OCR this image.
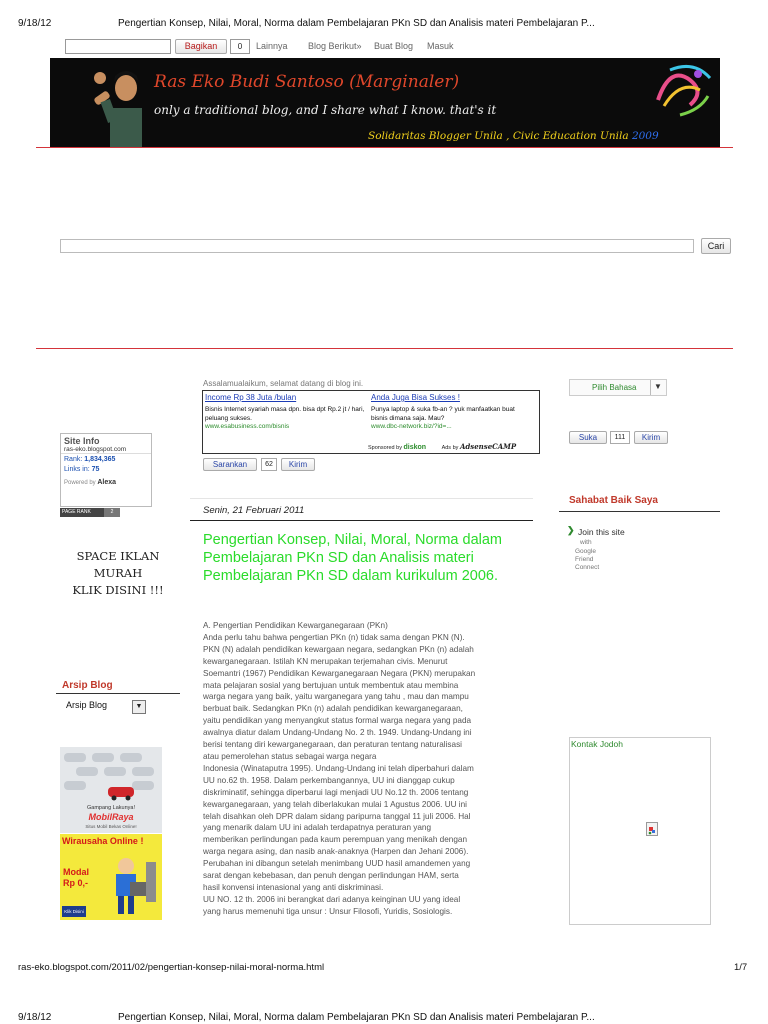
9/18/12	Pengertian Konsep, Nilai, Moral, Norma dalam Pembelajaran PKn SD dan Analisis materi Pembelajaran P...
Bagikan	0	Lainnya Blog Berikut» Buat Blog Masuk
Ras Eko Budi Santoso (Marginaler)
only a traditional blog, and I share what I know. that's it
Solidaritas Blogger Unila , Civic Education Unila 2009
Cari
Site Info
ras-eko.blogspot.com
Rank: 1,834,365
Links in: 75
Powered by Alexa
PAGE RANK	2
SPACE IKLAN
MURAH
KLIK DISINI !!!
Arsip Blog
Arsip Blog	▼
Gampang Lakunya!
MobilRaya
Situs Mobil Bekas Online!
Wirausaha Online !
Modal
Rp 0,-
Klik Disini
Assalamualaikum, selamat datang di blog ini.
Income Rp 38 Juta /bulan
Bisnis Internet syariah masa dpn. bisa dpt Rp.2 jt / hari, peluang sukses.
www.esabusiness.com/bisnis
Anda Juga Bisa Sukses !
Punya laptop & suka fb-an ? yuk manfaatkan buat bisnis dimana saja. Mau?
www.dbc-network.biz/?id=...
Sponsored by diskon	Ads by AdsenseCAMP
Sarankan	62	Kirim
Senin, 21 Februari 2011
Pengertian Konsep, Nilai, Moral, Norma dalam Pembelajaran PKn SD dan Analisis materi Pembelajaran PKn SD dalam kurikulum 2006.
A. Pengertian Pendidikan Kewarganegaraan (PKn)
Anda perlu tahu bahwa pengertian PKn (n) tidak sama dengan PKN (N).
PKN (N) adalah pendidikan kewargaan negara, sedangkan PKn (n) adalah
kewarganegaraan. Istilah KN merupakan terjemahan civis. Menurut
Soemantri (1967) Pendidikan Kewarganegaraan Negara (PKN) merupakan
mata pelajaran sosial yang bertujuan untuk membentuk atau membina
warga negara yang baik, yaitu warganegara yang tahu , mau dan mampu
berbuat baik. Sedangkan PKn (n) adalah pendidikan kewarganegaraan,
yaitu pendidikan yang menyangkut status formal warga negara yang pada
awalnya diatur dalam Undang-Undang No. 2 th. 1949. Undang-Undang ini
berisi tentang diri kewarganegaraan, dan peraturan tentang naturalisasi
atau pemerolehan status sebagai warga negara
Indonesia (Winataputra 1995). Undang-Undang ini telah diperbahuri dalam
UU no.62 th. 1958. Dalam perkembangannya, UU ini dianggap cukup
diskriminatif, sehingga diperbarui lagi menjadi UU No.12 th. 2006 tentang
kewarganegaraan, yang telah diberlakukan mulai 1 Agustus 2006. UU ini
telah disahkan oleh DPR dalam sidang paripurna tanggal 11 juli 2006. Hal
yang menarik dalam UU ini adalah terdapatnya peraturan yang
memberikan perlindungan pada kaum perempuan yang menikah dengan
warga negara asing, dan nasib anak-anaknya (Harpen dan Jehani 2006).
Perubahan ini dibangun setelah menimbang UUD hasil amandemen yang
sarat dengan kebebasan, dan penuh dengan perlindungan HAM, serta
hasil konvensi intenasional yang anti diskriminasi.
UU NO. 12 th. 2006 ini berangkat dari adanya keinginan UU yang ideal
yang harus memenuhi tiga unsur : Unsur Filosofi, Yuridis, Sosiologis.
Pilih Bahasa ▼
Suka	111	Kirim
Sahabat Baik Saya
❯ Join this site
with
Google
Friend
Connect
Kontak Jodoh
ras-eko.blogspot.com/2011/02/pengertian-konsep-nilai-moral-norma.html	1/7
9/18/12	Pengertian Konsep, Nilai, Moral, Norma dalam Pembelajaran PKn SD dan Analisis materi Pembelajaran P...
